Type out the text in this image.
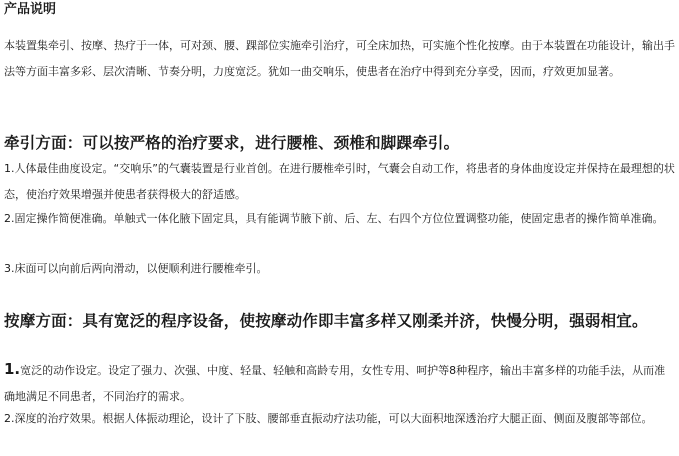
产品说明

本装置集牵引、按摩、热疗于一体，可对颈、腰、踝部位实施牵引治疗，可全床加热，可实施个性化按摩。由于本装置在功能设计，输出手法等方面丰富多彩、层次清晰、节奏分明，力度宽泛。犹如一曲交响乐，使患者在治疗中得到充分享受，因而，疗效更加显著。

牵引方面：可以按严格的治疗要求，进行腰椎、颈椎和脚踝牵引。

1.人体最佳曲度设定。“交响乐”的气囊装置是行业首创。在进行腰椎牵引时，气囊会自动工作，将患者的身体曲度设定并保持在最理想的状态，使治疗效果增强并使患者获得极大的舒适感。

2.固定操作简便准确。单触式一体化腋下固定具，具有能调节腋下前、后、左、右四个方位位置调整功能，使固定患者的操作简单准确。

3.床面可以向前后两向滑动，以便顺利进行腰椎牵引。

按摩方面：具有宽泛的程序设备，使按摩动作即丰富多样又刚柔并济，快慢分明，强弱相宜。

1.宽泛的动作设定。设定了强力、次强、中度、轻量、轻触和高龄专用，女性专用、呵护等8种程序，输出丰富多样的功能手法，从而准确地满足不同患者，不同治疗的需求。

2.深度的治疗效果。根据人体振动理论，设计了下肢、腰部垂直振动疗法功能，可以大面积地深透治疗大腿正面、侧面及腹部等部位。
